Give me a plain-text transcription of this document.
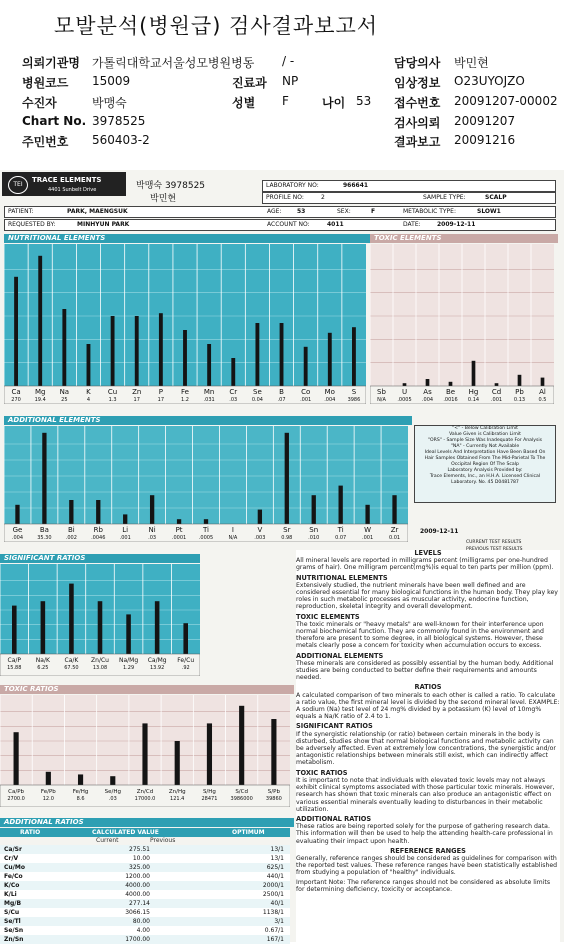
모발분석(병원급) 검사결과보고서
의뢰기관명 가톨릭대학교서울성모병원병동 / -	담당의사 박민현
병원코드 15009	진료과 NP	임상정보 O23UYOJZO
수진자	박맹숙	성별 F	나이 53 접수번호 20091207-00002
Chart No. 3978525	검사의뢰 20091207
주민번호 560403-2	결과보고 20091216
TEI
TRACE ELEMENTS
4401 Sunbelt Drive	박맹숙 3978525
박민현
LABORATORY NO:	966641
PROFILE NO:	2	SAMPLE TYPE:	SCALP
PATIENT:	PARK, MAENGSUK	AGE:	53	SEX:	F	METABOLIC TYPE:	SLOW1
REQUESTED BY:	MINHYUN PARK	ACCOUNT NO:	4011	DATE:	2009-12-11
NUTRITIONAL ELEMENTS
Ca
270
Mg
19.4
Na
25
K
4
Cu
1.3
Zn
17
P
17
Fe
1.2
Mn
.031
Cr
.03
Se
0.04
B
.07
Co
.001
Mo
.004
S
3986
TOXIC ELEMENTS
Sb
N/A
U
.0005
As
.004
Be
.0016
Hg
0.14
Cd
.001
Pb
0.13
Al
0.5
ADDITIONAL ELEMENTS
Ge
.004
Ba
35.30
Bi
.002
Rb
.0046
Li
.001
Ni
.03
Pt
.0001
Ti
.0005
I
N/A
V
.003
Sr
0.98
Sn
.010
Ti
0.07
W
.001
Zr
0.01
"<" - Below Calibration Limit
Value Given is Calibration Limit
"ORS" - Sample Size Was Inadequate For Analysis
"NA" - Currently Not Available
Ideal Levels And Interpretation Have Been Based On
Hair Samples Obtained From The Mid-Parietal To The
Occipital Region Of The Scalp
Laboratory Analysis Provided by:
Trace Elements, Inc., an H.H.A. Licensed Clinical
Laboratory. No. 45 D0481787
2009-12-11
CURRENT TEST RESULTS
SIGNIFICANT RATIOS
Ca/P
15.88
Na/K
6.25
Ca/K
67.50
Zn/Cu
13.08
Na/Mg
1.29
Ca/Mg
13.92
Fe/Cu
.92
TOXIC RATIOS
Ca/Pb
2700.0
Fe/Pb
12.0
Fe/Hg
8.6
Se/Hg
.03
Zn/Cd
17000.0
Zn/Hg
121.4
S/Hg
28471
S/Cd
3986000
S/Pb
39860
ADDITIONAL RATIOS
RATIO	CALCULATED VALUE	OPTIMUM
Current	Previous
Ca/Sr	275.51	13/1
Cr/V	10.00	13/1
Cu/Mo	325.00	625/1
Fe/Co	1200.00	440/1
K/Co	4000.00	2000/1
K/Li	4000.00	2500/1
Mg/B	277.14	40/1
S/Cu	3066.15	1138/1
Se/Tl	80.00	3/1
Se/Sn	4.00	0.67/1
Zn/Sn	1700.00	167/1
LEVELS
All mineral levels are reported in milligrams percent (milligrams per one-hundred grams of hair). One milligram percent(mg%)is equal to ten parts per million (ppm).
NUTRITIONAL ELEMENTS
Extensively studied, the nutrient minerals have been well defined and are considered essential for many biological functions in the human body. They play key roles in such metabolic processes as muscular activity, endocrine function, reproduction, skeletal integrity and overall development.
TOXIC ELEMENTS
The toxic minerals or "heavy metals" are well-known for their interference upon normal biochemical function. They are commonly found in the environment and therefore are present to some degree, in all biological systems. However, these metals clearly pose a concern for toxicity when accumulation occurs to excess.
ADDITIONAL ELEMENTS
These minerals are considered as possibly essential by the human body. Additional studies are being conducted to better define their requirements and amounts needed.
RATIOS
A calculated comparison of two minerals to each other is called a ratio. To calculate a ratio value, the first mineral level is divided by the second mineral level. EXAMPLE: A sodium (Na) test level of 24 mg% divided by a potassium (K) level of 10mg% equals a Na/K ratio of 2.4 to 1.
SIGNIFICANT RATIOS
If the synergistic relationship (or ratio) between certain minerals in the body is disturbed, studies show that normal biological functions and metabolic activity can be adversely affected. Even at extremely low concentrations, the synergistic and/or antagonistic relationships between minerals still exist, which can indirectly affect metabolism.
TOXIC RATIOS
It is important to note that individuals with elevated toxic levels may not always exhibit clinical symptoms associated with those particular toxic minerals. However, research has shown that toxic minerals can also produce an antagonistic effect on various essential minerals eventually leading to disturbances in their metabolic utilization.
ADDITIONAL RATIOS
These ratios are being reported solely for the purpose of gathering research data. This information will then be used to help the attending health-care professional in evaluating their impact upon health.
REFERENCE RANGES
Generally, reference ranges should be considered as guidelines for comparison with the reported test values. These reference ranges have been statistically established from studying a population of "healthy" individuals.
Important Note: The reference ranges should not be considered as absolute limits for determining deficiency, toxicity or acceptance.
